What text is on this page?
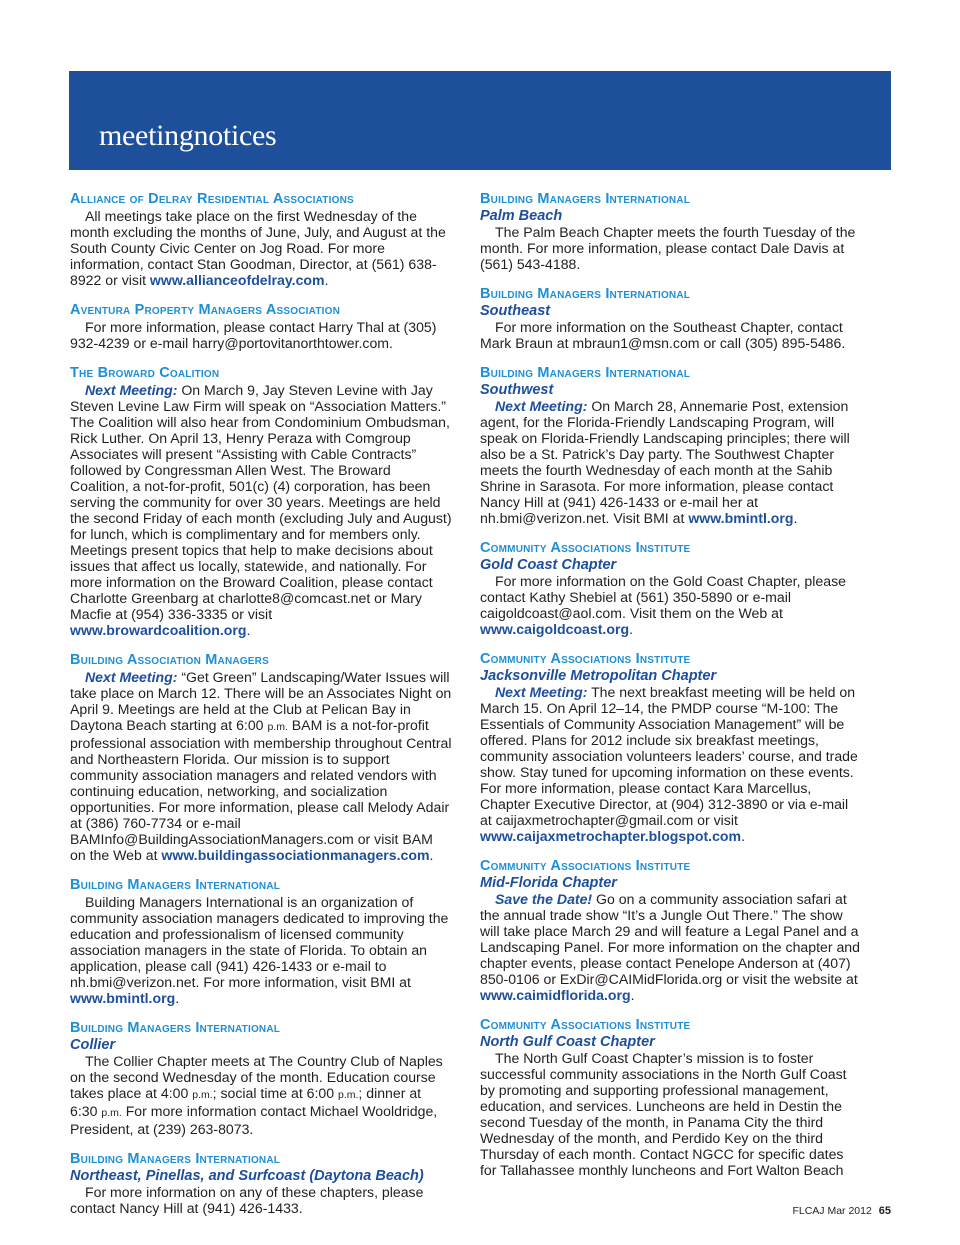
meetingnotices
Alliance of Delray Residential Associations

All meetings take place on the first Wednesday of the month excluding the months of June, July, and August at the South County Civic Center on Jog Road. For more information, contact Stan Goodman, Director, at (561) 638-8922 or visit www.allianceofdelray.com.

Aventura Property Managers Association

For more information, please contact Harry Thal at (305) 932-4239 or e-mail harry@portovitanorthtower.com.

The Broward Coalition

Next Meeting: On March 9, Jay Steven Levine with Jay Steven Levine Law Firm will speak on “Association Matters.” The Coalition will also hear from Condominium Ombudsman, Rick Luther. On April 13, Henry Peraza with Comgroup Associates will present “Assisting with Cable Contracts” followed by Congressman Allen West. The Broward Coalition, a not-for-profit, 501(c) (4) corporation, has been serving the community for over 30 years. Meetings are held the second Friday of each month (excluding July and August) for lunch, which is complimentary and for members only. Meetings present topics that help to make decisions about issues that affect us locally, statewide, and nationally. For more information on the Broward Coalition, please contact Charlotte Greenbarg at charlotte8@comcast.net or Mary Macfie at (954) 336-3335 or visit www.browardcoalition.org.

Building Association Managers

Next Meeting: “Get Green” Landscaping/Water Issues will take place on March 12. There will be an Associates Night on April 9. Meetings are held at the Club at Pelican Bay in Daytona Beach starting at 6:00 p.m. BAM is a not-for-profit professional association with membership throughout Central and Northeastern Florida. Our mission is to support community association managers and related vendors with continuing education, networking, and socialization opportunities. For more information, please call Melody Adair at (386) 760-7734 or e-mail BAMInfo@BuildingAssociationManagers.com or visit BAM on the Web at www.buildingassociationmanagers.com.

Building Managers International

Building Managers International is an organization of community association managers dedicated to improving the education and professionalism of licensed community association managers in the state of Florida. To obtain an application, please call (941) 426-1433 or e-mail to nh.bmi@verizon.net. For more information, visit BMI at www.bmintl.org.

Building Managers International
Collier

The Collier Chapter meets at The Country Club of Naples on the second Wednesday of the month. Education course takes place at 4:00 p.m.; social time at 6:00 p.m.; dinner at 6:30 p.m. For more information contact Michael Wooldridge, President, at (239) 263-8073.

Building Managers International
Northeast, Pinellas, and Surfcoast (Daytona Beach)

For more information on any of these chapters, please contact Nancy Hill at (941) 426-1433.

Building Managers International
Palm Beach

The Palm Beach Chapter meets the fourth Tuesday of the month. For more information, please contact Dale Davis at (561) 543-4188.

Building Managers International
Southeast

For more information on the Southeast Chapter, contact Mark Braun at mbraun1@msn.com or call (305) 895-5486.

Building Managers International
Southwest

Next Meeting: On March 28, Annemarie Post, extension agent, for the Florida-Friendly Landscaping Program, will speak on Florida-Friendly Landscaping principles; there will also be a St. Patrick’s Day party. The Southwest Chapter meets the fourth Wednesday of each month at the Sahib Shrine in Sarasota. For more information, please contact Nancy Hill at (941) 426-1433 or e-mail her at nh.bmi@verizon.net. Visit BMI at www.bmintl.org.

Community Associations Institute
Gold Coast Chapter

For more information on the Gold Coast Chapter, please contact Kathy Shebiel at (561) 350-5890 or e-mail caigoldcoast@aol.com. Visit them on the Web at www.caigoldcoast.org.

Community Associations Institute
Jacksonville Metropolitan Chapter

Next Meeting: The next breakfast meeting will be held on March 15. On April 12–14, the PMDP course “M-100: The Essentials of Community Association Management” will be offered. Plans for 2012 include six breakfast meetings, community association volunteers leaders’ course, and trade show. Stay tuned for upcoming information on these events. For more information, please contact Kara Marcellus, Chapter Executive Director, at (904) 312-3890 or via e-mail at caijaxmetrochapter@gmail.com or visit www.caijaxmetrochapter.blogspot.com.

Community Associations Institute
Mid-Florida Chapter

Save the Date! Go on a community association safari at the annual trade show “It’s a Jungle Out There.” The show will take place March 29 and will feature a Legal Panel and a Landscaping Panel. For more information on the chapter and chapter events, please contact Penelope Anderson at (407) 850-0106 or ExDir@CAIMidFlorida.org or visit the website at www.caimidflorida.org.

Community Associations Institute
North Gulf Coast Chapter

The North Gulf Coast Chapter’s mission is to foster successful community associations in the North Gulf Coast by promoting and supporting professional management, education, and services. Luncheons are held in Destin the second Tuesday of the month, in Panama City the third Wednesday of the month, and Perdido Key on the third Thursday of each month. Contact NGCC for specific dates for Tallahassee monthly luncheons and Fort Walton Beach

FLCAJ Mar 2012 65
